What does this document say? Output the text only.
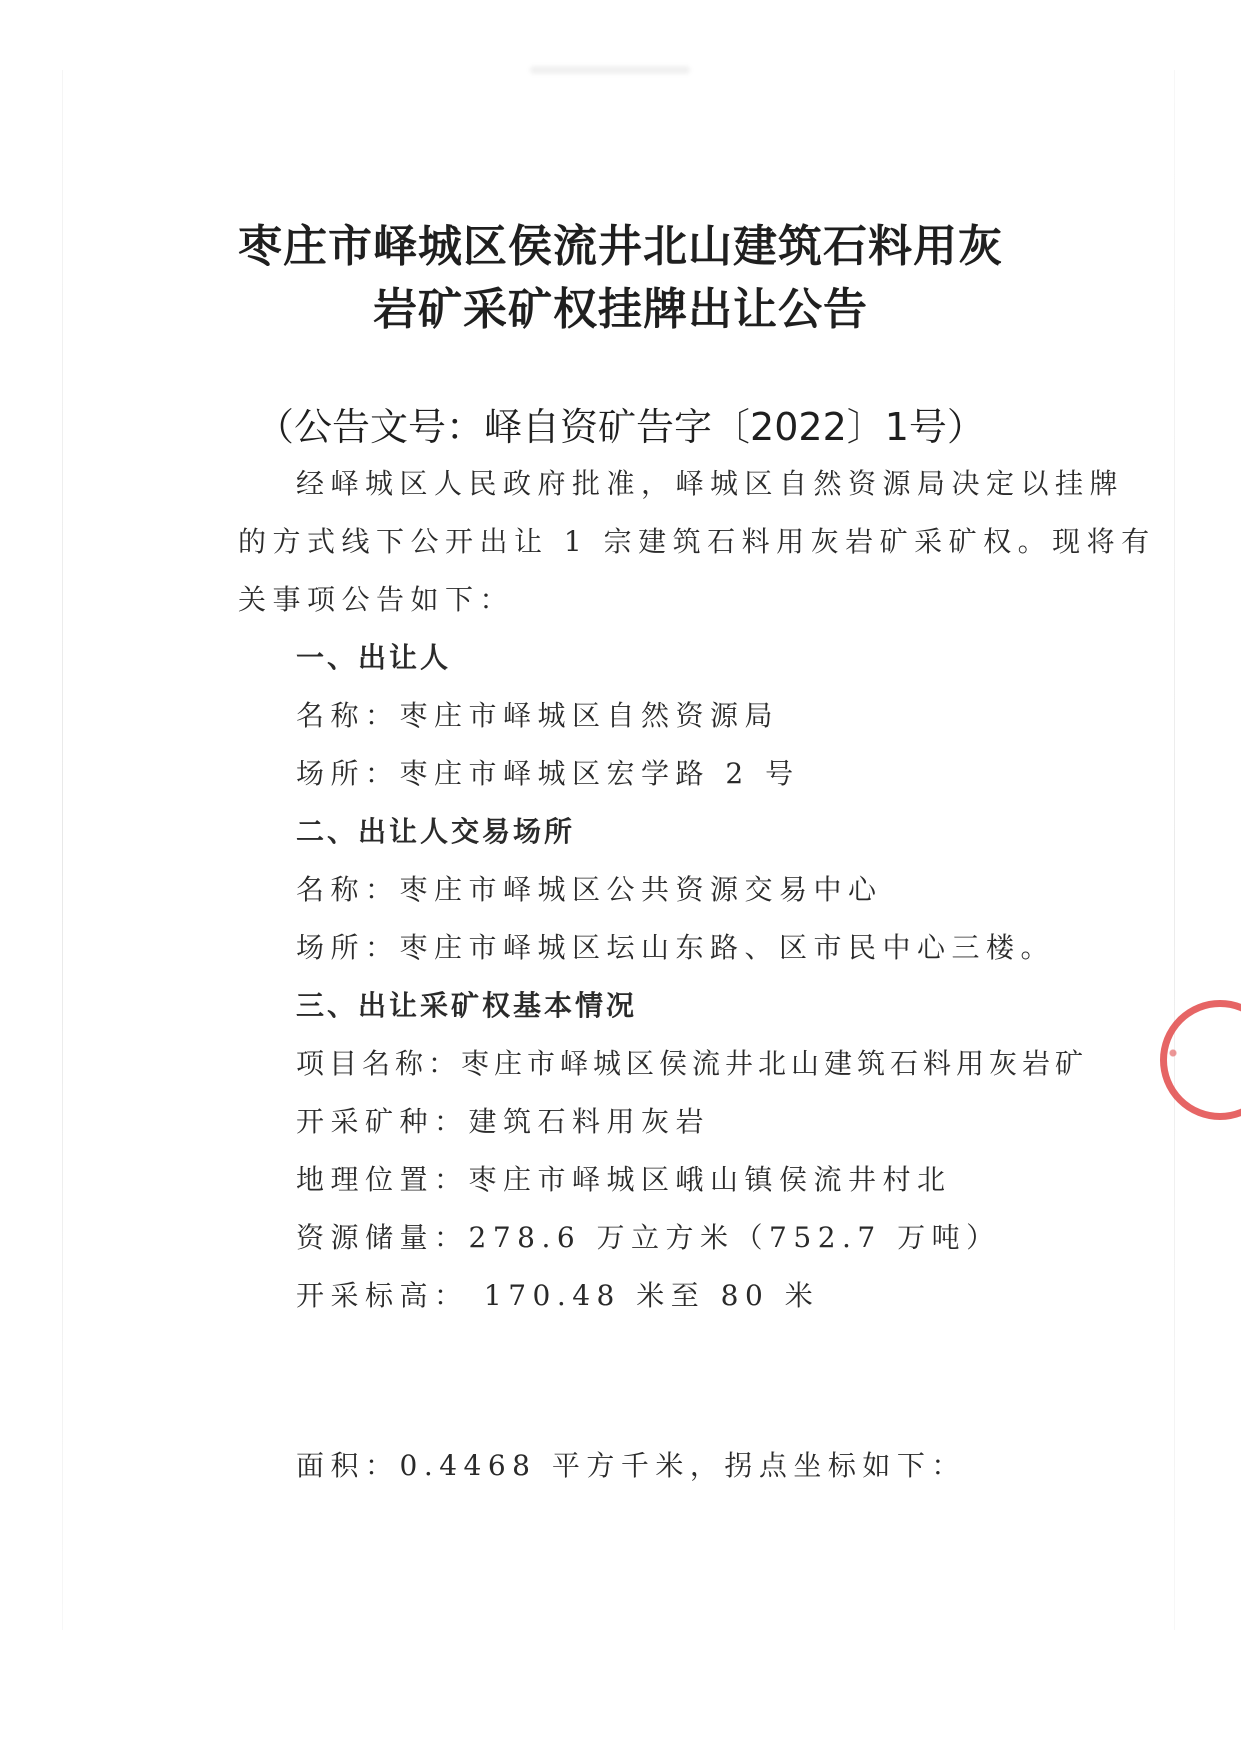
枣庄市峄城区侯流井北山建筑石料用灰
岩矿采矿权挂牌出让公告

（公告文号：峄自资矿告字〔2022〕1号）

经峄城区人民政府批准，峄城区自然资源局决定以挂牌

的方式线下公开出让 1 宗建筑石料用灰岩矿采矿权。现将有

关事项公告如下：

一、出让人

名称：枣庄市峄城区自然资源局

场所：枣庄市峄城区宏学路 2 号

二、出让人交易场所

名称：枣庄市峄城区公共资源交易中心

场所：枣庄市峄城区坛山东路、区市民中心三楼。

三、出让采矿权基本情况

项目名称：枣庄市峄城区侯流井北山建筑石料用灰岩矿

开采矿种：建筑石料用灰岩

地理位置：枣庄市峄城区峨山镇侯流井村北

资源储量：278.6 万立方米（752.7 万吨）

开采标高： 170.48 米至 80 米

面积：0.4468 平方千米，拐点坐标如下：
